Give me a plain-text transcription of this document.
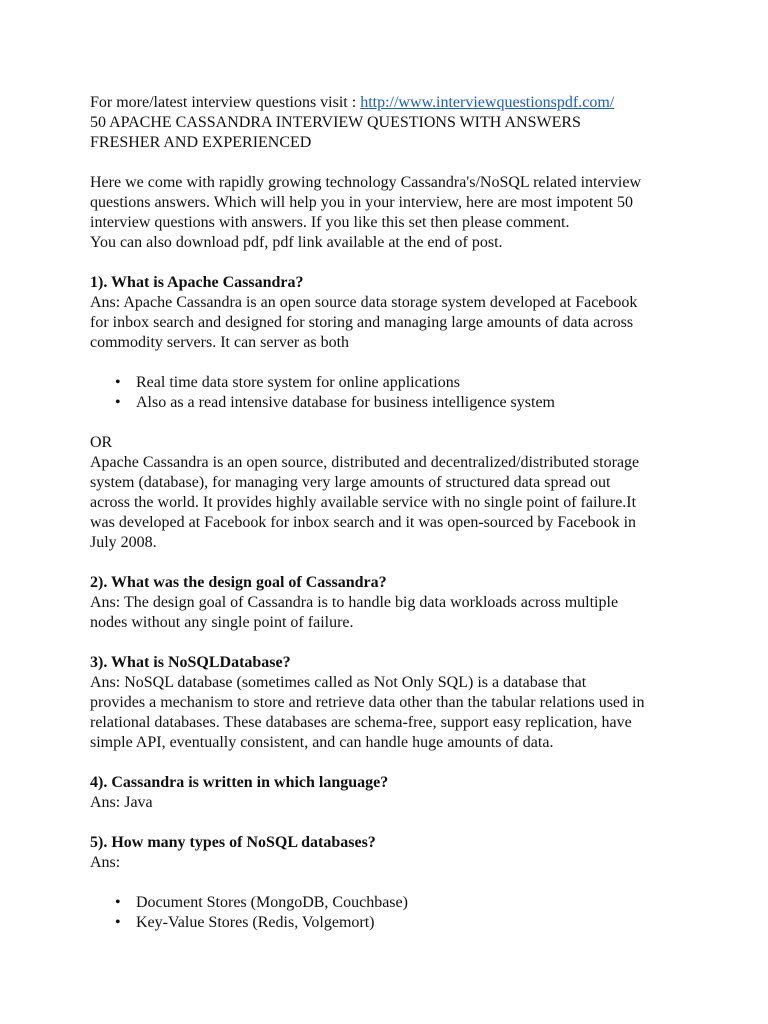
For more/latest interview questions visit : http://www.interviewquestionspdf.com/

50 APACHE CASSANDRA INTERVIEW QUESTIONS WITH ANSWERS

FRESHER AND EXPERIENCED

Here we come with rapidly growing technology Cassandra's/NoSQL related interview

questions answers. Which will help you in your interview, here are most impotent 50

interview questions with answers. If you like this set then please comment.

You can also download pdf, pdf link available at the end of post.

1). What is Apache Cassandra?

Ans: Apache Cassandra is an open source data storage system developed at Facebook

for inbox search and designed for storing and managing large amounts of data across

commodity servers. It can server as both

• Real time data store system for online applications
• Also as a read intensive database for business intelligence system

OR

Apache Cassandra is an open source, distributed and decentralized/distributed storage

system (database), for managing very large amounts of structured data spread out

across the world. It provides highly available service with no single point of failure.It

was developed at Facebook for inbox search and it was open-sourced by Facebook in

July 2008.

2). What was the design goal of Cassandra?

Ans: The design goal of Cassandra is to handle big data workloads across multiple

nodes without any single point of failure.

3). What is NoSQLDatabase?

Ans: NoSQL database (sometimes called as Not Only SQL) is a database that

provides a mechanism to store and retrieve data other than the tabular relations used in

relational databases. These databases are schema-free, support easy replication, have

simple API, eventually consistent, and can handle huge amounts of data.

4). Cassandra is written in which language?

Ans: Java

5). How many types of NoSQL databases?

Ans:

• Document Stores (MongoDB, Couchbase)
• Key-Value Stores (Redis, Volgemort)
